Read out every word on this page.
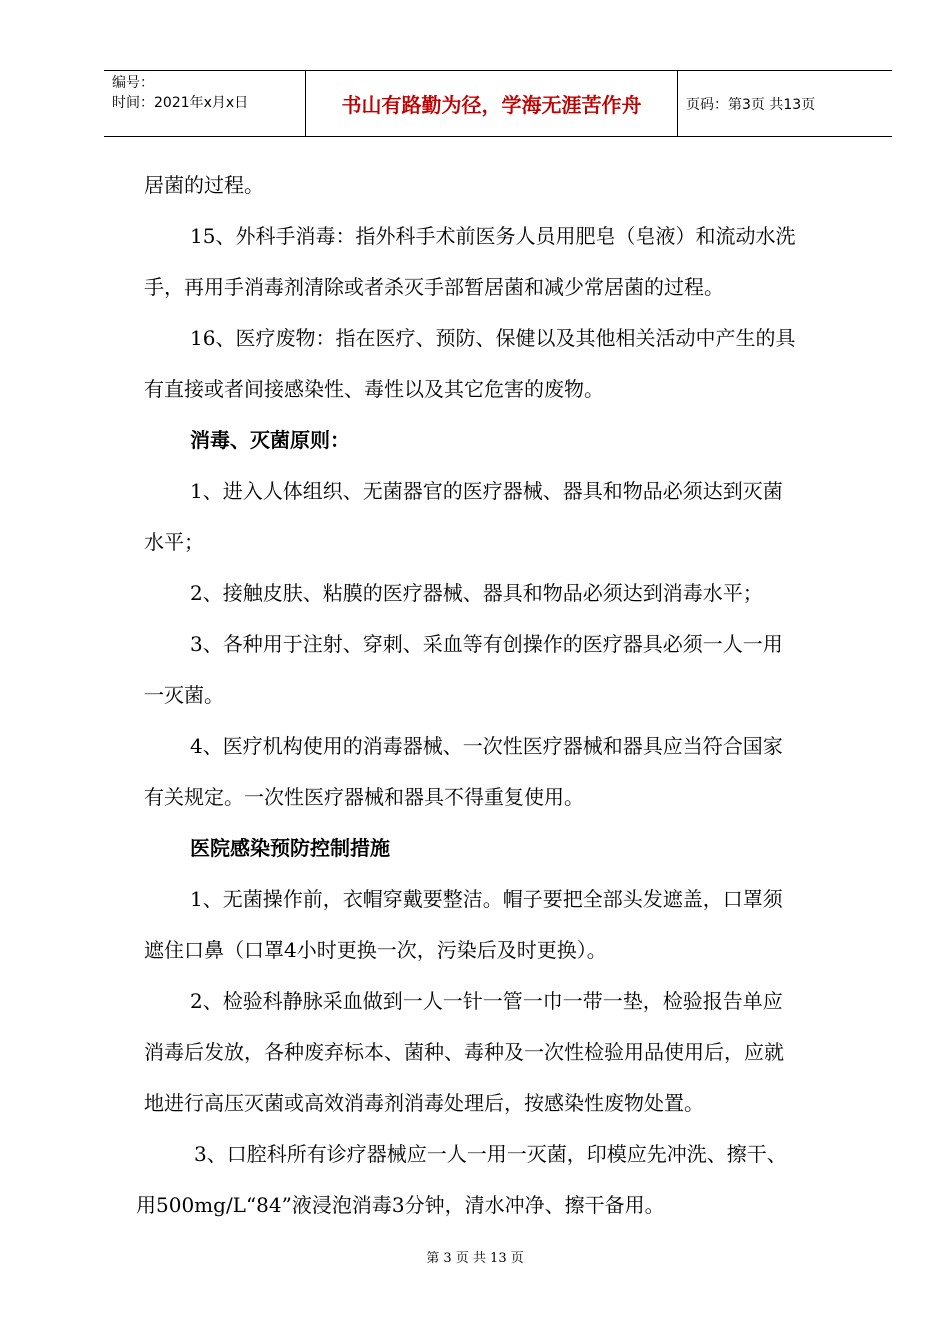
编号：
时间：2021年x月x日	书山有路勤为径，学海无涯苦作舟	页码：第3页 共13页

居菌的过程。

15、外科手消毒：指外科手术前医务人员用肥皂（皂液）和流动水洗

手，再用手消毒剂清除或者杀灭手部暂居菌和减少常居菌的过程。

16、医疗废物：指在医疗、预防、保健以及其他相关活动中产生的具

有直接或者间接感染性、毒性以及其它危害的废物。

消毒、灭菌原则：

1、进入人体组织、无菌器官的医疗器械、器具和物品必须达到灭菌

水平；

2、接触皮肤、粘膜的医疗器械、器具和物品必须达到消毒水平；

3、各种用于注射、穿刺、采血等有创操作的医疗器具必须一人一用

一灭菌。

4、医疗机构使用的消毒器械、一次性医疗器械和器具应当符合国家

有关规定。一次性医疗器械和器具不得重复使用。

医院感染预防控制措施

1、无菌操作前，衣帽穿戴要整洁。帽子要把全部头发遮盖，口罩须

遮住口鼻（口罩4小时更换一次，污染后及时更换）。

2、检验科静脉采血做到一人一针一管一巾一带一垫，检验报告单应

消毒后发放，各种废弃标本、菌种、毒种及一次性检验用品使用后，应就

地进行高压灭菌或高效消毒剂消毒处理后，按感染性废物处置。

3、口腔科所有诊疗器械应一人一用一灭菌，印模应先冲洗、擦干、

用500mg/L“84”液浸泡消毒3分钟，清水冲净、擦干备用。

第 3 页 共 13 页
